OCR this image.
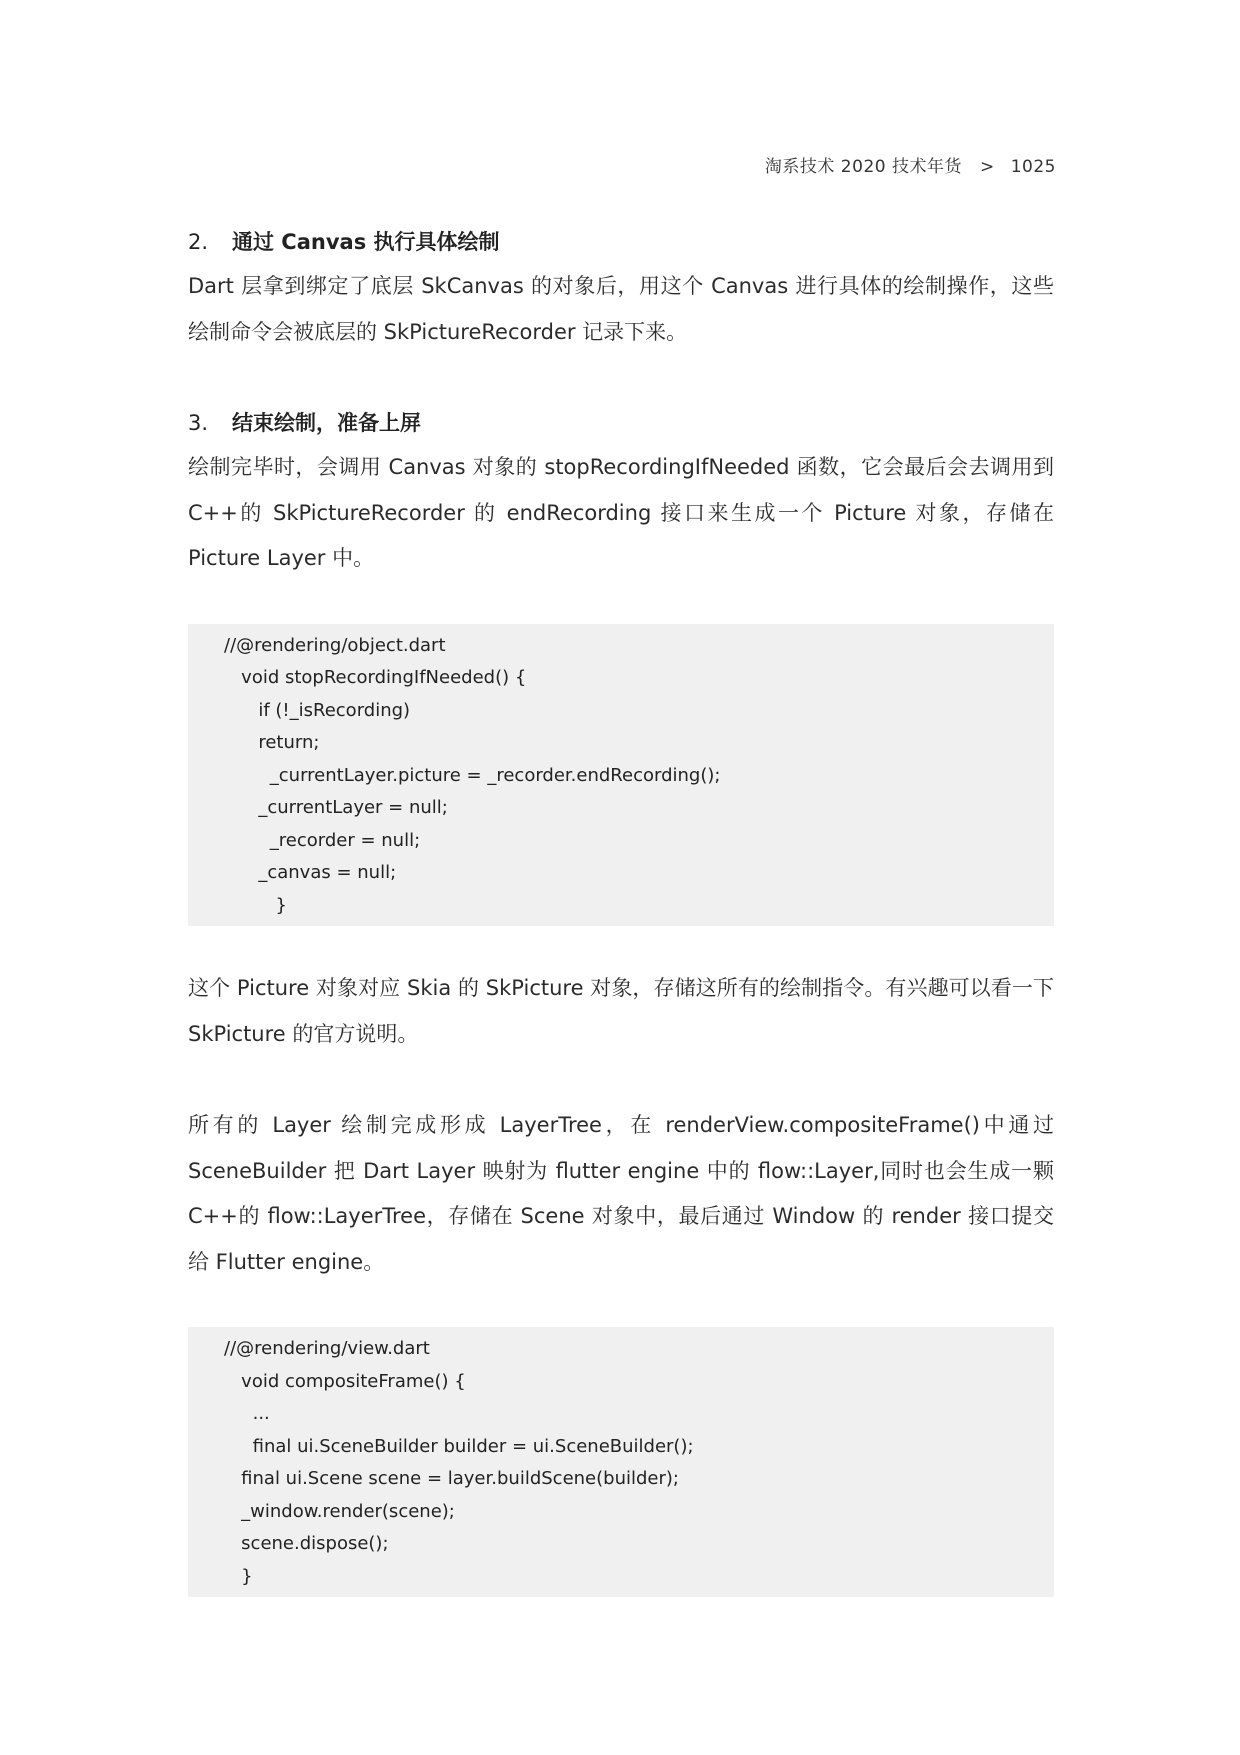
淘系技术 2020 技术年货 > 1025
2. 通过 Canvas 执行具体绘制

Dart 层拿到绑定了底层 SkCanvas 的对象后，用这个 Canvas 进行具体的绘制操作，这些绘制命令会被底层的 SkPictureRecorder 记录下来。

3. 结束绘制，准备上屏

绘制完毕时，会调用 Canvas 对象的 stopRecordingIfNeeded 函数，它会最后会去调用到 C++的 SkPictureRecorder 的 endRecording 接口来生成一个 Picture 对象，存储在 Picture Layer 中。

//@rendering/object.dart
void stopRecordingIfNeeded() {
if (!_isRecording)
return;
_currentLayer.picture = _recorder.endRecording();
_currentLayer = null;
_recorder = null;
_canvas = null;
}

这个 Picture 对象对应 Skia 的 SkPicture 对象，存储这所有的绘制指令。有兴趣可以看一下 SkPicture 的官方说明。

所有的 Layer 绘制完成形成 LayerTree，在 renderView.compositeFrame()中通过 SceneBuilder 把 Dart Layer 映射为 flutter engine 中的 flow::Layer,同时也会生成一颗 C++的 flow::LayerTree，存储在 Scene 对象中，最后通过 Window 的 render 接口提交给 Flutter engine。

//@rendering/view.dart
void compositeFrame() {
...
final ui.SceneBuilder builder = ui.SceneBuilder();
final ui.Scene scene = layer.buildScene(builder);
_window.render(scene);
scene.dispose();
}
